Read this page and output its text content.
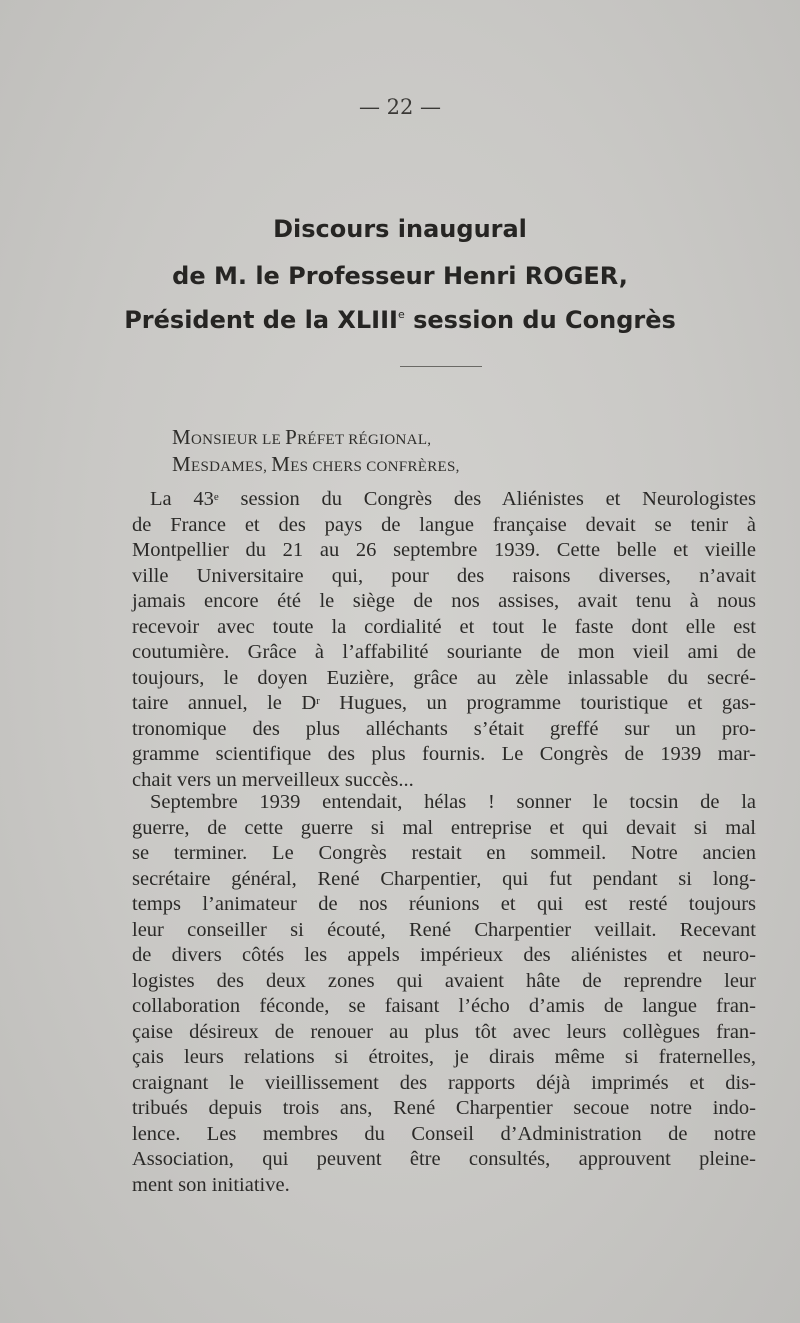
— 22 —
Discours inaugural
de M. le Professeur Henri ROGER,
Président de la XLIIIe session du Congrès
MONSIEUR LE PRÉFET RÉGIONAL,
MESDAMES, MES CHERS CONFRÈRES,
La 43e session du Congrès des Aliénistes et Neurologistes
de France et des pays de langue française devait se tenir à
Montpellier du 21 au 26 septembre 1939. Cette belle et vieille
ville Universitaire qui, pour des raisons diverses, n’avait
jamais encore été le siège de nos assises, avait tenu à nous
recevoir avec toute la cordialité et tout le faste dont elle est
coutumière. Grâce à l’affabilité souriante de mon vieil ami de
toujours, le doyen Euzière, grâce au zèle inlassable du secré-
taire annuel, le $D^r$ Hugues, un programme touristique et gas-
tronomique des plus alléchants s’était greffé sur un pro-
gramme scientifique des plus fournis. Le Congrès de 1939 mar-
chait vers un merveilleux succès...
Septembre 1939 entendait, hélas ! sonner le tocsin de la
guerre, de cette guerre si mal entreprise et qui devait si mal
se terminer. Le Congrès restait en sommeil. Notre ancien
secrétaire général, René Charpentier, qui fut pendant si long-
temps l’animateur de nos réunions et qui est resté toujours
leur conseiller si écouté, René Charpentier veillait. Recevant
de divers côtés les appels impérieux des aliénistes et neuro-
logistes des deux zones qui avaient hâte de reprendre leur
collaboration féconde, se faisant l’écho d’amis de langue fran-
çaise désireux de renouer au plus tôt avec leurs collègues fran-
çais leurs relations si étroites, je dirais même si fraternelles,
craignant le vieillissement des rapports déjà imprimés et dis-
tribués depuis trois ans, René Charpentier secoue notre indo-
lence. Les membres du Conseil d’Administration de notre
Association, qui peuvent être consultés, approuvent pleine-
ment son initiative.
